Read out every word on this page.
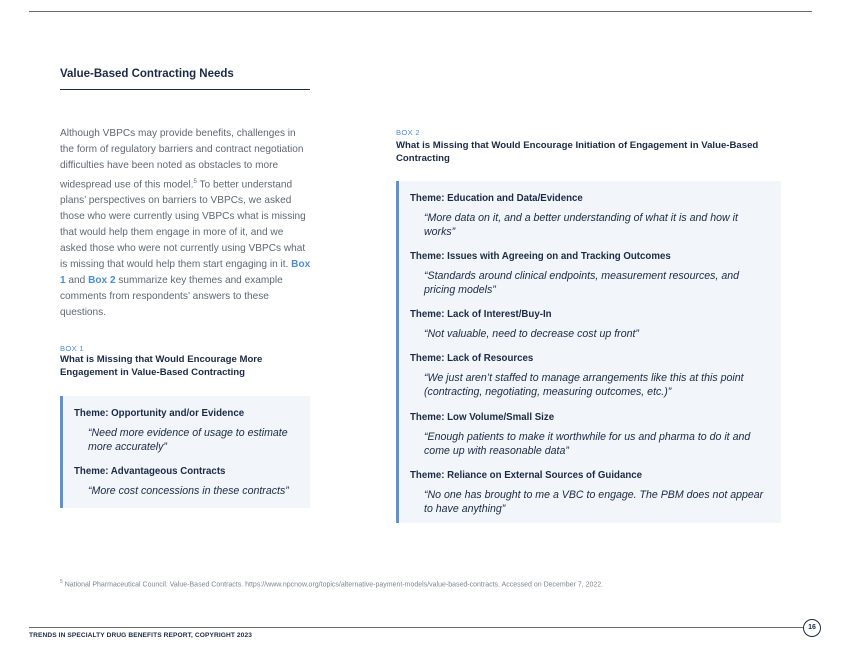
Value-Based Contracting Needs
Although VBPCs may provide benefits, challenges in the form of regulatory barriers and contract negotiation difficulties have been noted as obstacles to more widespread use of this model.$^5$ To better understand plans’ perspectives on barriers to VBPCs, we asked those who were currently using VBPCs what is missing that would help them engage in more of it, and we asked those who were not currently using VBPCs what is missing that would help them start engaging in it. Box 1 and Box 2 summarize key themes and example comments from respondents’ answers to these questions.
BOX 1
What is Missing that Would Encourage More Engagement in Value-Based Contracting
Theme: Opportunity and/or Evidence
“Need more evidence of usage to estimate more accurately”
Theme: Advantageous Contracts
“More cost concessions in these contracts”
BOX 2
What is Missing that Would Encourage Initiation of Engagement in Value-Based Contracting
Theme: Education and Data/Evidence
“More data on it, and a better understanding of what it is and how it works”
Theme: Issues with Agreeing on and Tracking Outcomes
“Standards around clinical endpoints, measurement resources, and pricing models”
Theme: Lack of Interest/Buy-In
“Not valuable, need to decrease cost up front”
Theme: Lack of Resources
“We just aren’t staffed to manage arrangements like this at this point (contracting, negotiating, measuring outcomes, etc.)”
Theme: Low Volume/Small Size
“Enough patients to make it worthwhile for us and pharma to do it and come up with reasonable data”
Theme: Reliance on External Sources of Guidance
“No one has brought to me a VBC to engage. The PBM does not appear to have anything”
$^5$ National Pharmaceutical Council. Value-Based Contracts. https://www.npcnow.org/topics/alternative-payment-models/value-based-contracts. Accessed on December 7, 2022.
TRENDS IN SPECIALTY DRUG BENEFITS REPORT, COPYRIGHT 2023
16
